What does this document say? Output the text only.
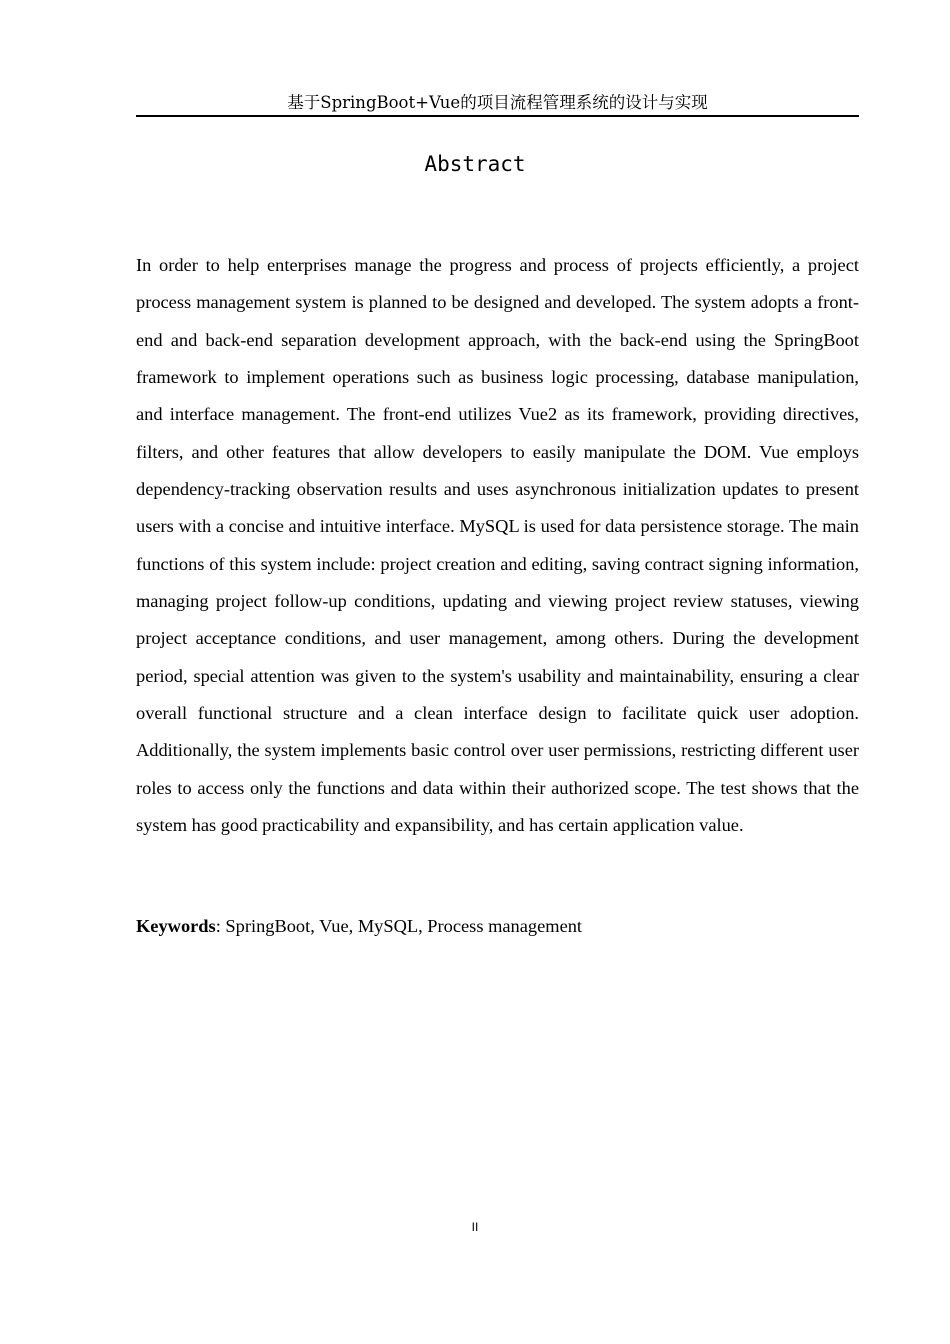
基于SpringBoot+Vue的项目流程管理系统的设计与实现
Abstract

In order to help enterprises manage the progress and process of projects efficiently, a project process management system is planned to be designed and developed. The system adopts a front-end and back-end separation development approach, with the back-end using the SpringBoot framework to implement operations such as business logic processing, database manipulation, and interface management. The front-end utilizes Vue2 as its framework, providing directives, filters, and other features that allow developers to easily manipulate the DOM. Vue employs dependency-tracking observation results and uses asynchronous initialization updates to present users with a concise and intuitive interface. MySQL is used for data persistence storage. The main functions of this system include: project creation and editing, saving contract signing information, managing project follow-up conditions, updating and viewing project review statuses, viewing project acceptance conditions, and user management, among others. During the development period, special attention was given to the system's usability and maintainability, ensuring a clear overall functional structure and a clean interface design to facilitate quick user adoption. Additionally, the system implements basic control over user permissions, restricting different user roles to access only the functions and data within their authorized scope. The test shows that the system has good practicability and expansibility, and has certain application value.

Keywords: SpringBoot, Vue, MySQL, Process management

II
